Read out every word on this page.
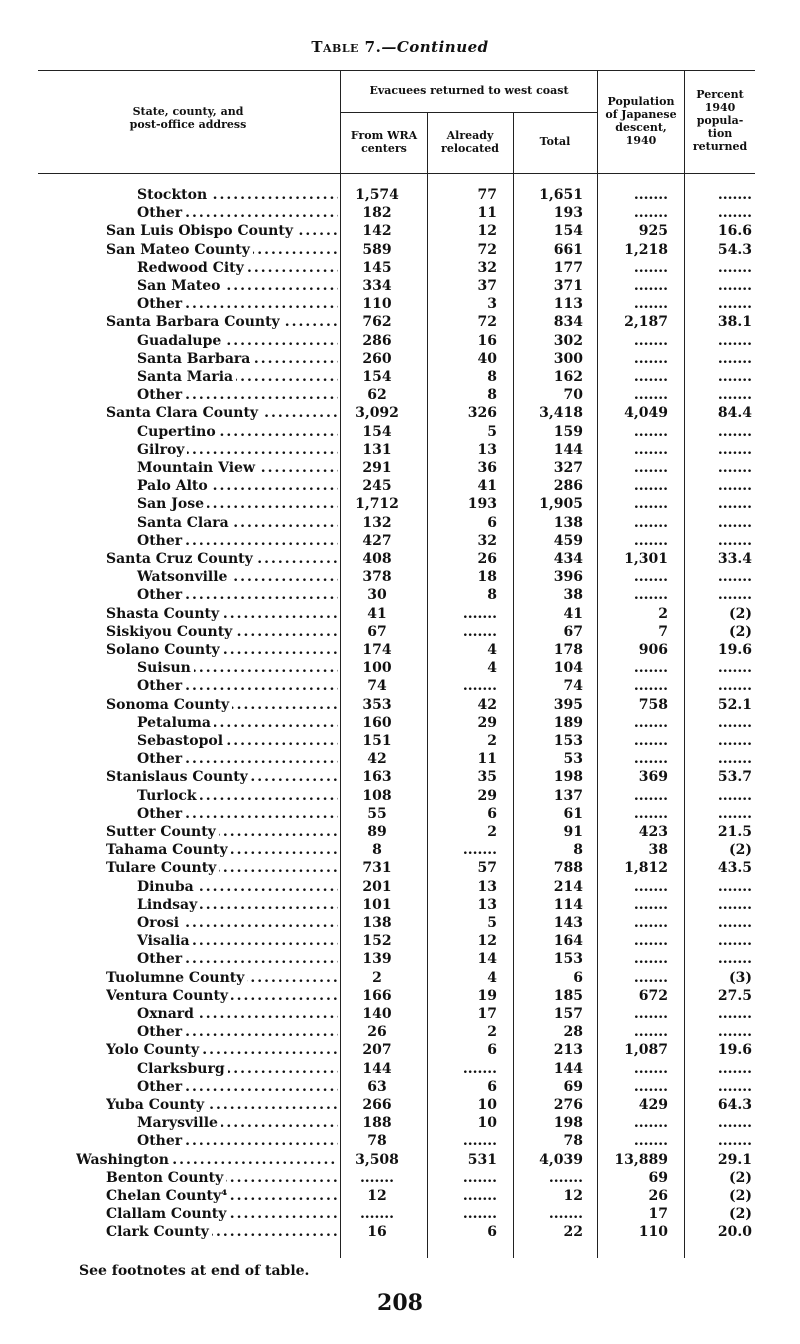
Table 7.—Continued
State, county, and post-office address
Evacuees returned to west coast
From WRA centers
Already relocated
Total
Population of Japanese descent, 1940
Percent 1940 population returned
Stockton .....	1,574	77	1,651	.......	.......
Other .....	182	11	193	.......	.......
San Luis Obispo County .....	142	12	154	925	16.6
San Mateo County .....	589	72	661	1,218	54.3
Redwood City .....	145	32	177	.......	.......
San Mateo .....	334	37	371	.......	.......
Other .....	110	3	113	.......	.......
Santa Barbara County .....	762	72	834	2,187	38.1
Guadalupe .....	286	16	302	.......	.......
Santa Barbara .....	260	40	300	.......	.......
Santa Maria .....	154	8	162	.......	.......
Other .....	62	8	70	.......	.......
Santa Clara County .....	3,092	326	3,418	4,049	84.4
Cupertino .....	154	5	159	.......	.......
Gilroy .....	131	13	144	.......	.......
Mountain View .....	291	36	327	.......	.......
Palo Alto .....	245	41	286	.......	.......
San Jose .....	1,712	193	1,905	.......	.......
Santa Clara .....	132	6	138	.......	.......
Other .....	427	32	459	.......	.......
Santa Cruz County .....	408	26	434	1,301	33.4
Watsonville .....	378	18	396	.......	.......
Other .....	30	8	38	.......	.......
Shasta County .....	41	.......	41	2	(2)
Siskiyou County .....	67	.......	67	7	(2)
Solano County .....	174	4	178	906	19.6
Suisun .....	100	4	104	.......	.......
Other .....	74	.......	74	.......	.......
Sonoma County .....	353	42	395	758	52.1
Petaluma .....	160	29	189	.......	.......
Sebastopol .....	151	2	153	.......	.......
Other .....	42	11	53	.......	.......
Stanislaus County .....	163	35	198	369	53.7
Turlock .....	108	29	137	.......	.......
Other .....	55	6	61	.......	.......
Sutter County .....	89	2	91	423	21.5
Tahama County .....	8	.......	8	38	(2)
Tulare County .....	731	57	788	1,812	43.5
Dinuba .....	201	13	214	.......	.......
Lindsay .....	101	13	114	.......	.......
Orosi .....	138	5	143	.......	.......
Visalia .....	152	12	164	.......	.......
Other .....	139	14	153	.......	.......
Tuolumne County .....	2	4	6	.......	(3)
Ventura County .....	166	19	185	672	27.5
Oxnard .....	140	17	157	.......	.......
Other .....	26	2	28	.......	.......
Yolo County .....	207	6	213	1,087	19.6
Clarksburg .....	144	.......	144	.......	.......
Other .....	63	6	69	.......	.......
Yuba County .....	266	10	276	429	64.3
Marysville .....	188	10	198	.......	.......
Other .....	78	.......	78	.......	.......
Washington .....	3,508	531	4,039	13,889	29.1
Benton County .....	.......	.......	.......	69	(2)
Chelan County⁴ .....	12	.......	12	26	(2)
Clallam County .....	.......	.......	.......	17	(2)
Clark County .....	16	6	22	110	20.0
See footnotes at end of table.
208
